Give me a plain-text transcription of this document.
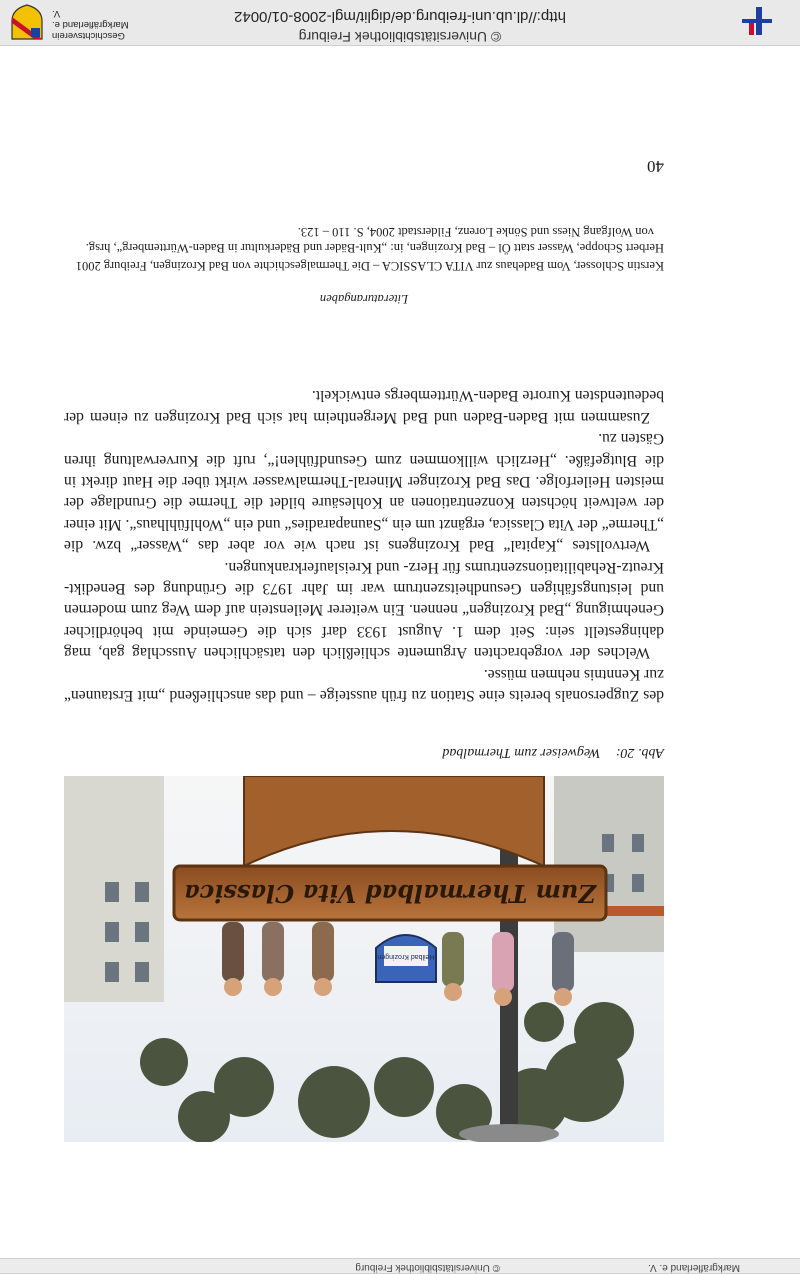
Markgräflerland e. V.
© Universitätsbibliothek Freiburg
Heilbad Krozingen
Zum Thermalbad Vita Classica
Abb. 20: Wegweiser zum Thermalbad

des Zugpersonals bereits eine Station zu früh aussteige – und das anschließend „mit Erstaunen“ zur Kenntnis nehmen müsse.

Welches der vorgebrachten Argumente schließlich den tatsächlichen Ausschlag gab, mag dahingestellt sein: Seit dem 1. August 1933 darf sich die Gemeinde mit behördlicher Genehmigung „Bad Krozingen“ nennen. Ein weiterer Meilenstein auf dem Weg zum modernen und leistungsfähigen Gesundheitszentrum war im Jahr 1973 die Gründung des Benedikt-Kreutz-Rehabilitationszentrums für Herz- und Kreislauferkrankungen.

Wertvollstes „Kapital“ Bad Krozingens ist nach wie vor aber das „Wasser“ bzw. die „Therme“ der Vita Classica, ergänzt um ein „Saunaparadies“ und ein „Wohlfühlhaus“. Mit einer der weltweit höchsten Konzentrationen an Kohlesäure bildet die Therme die Grundlage der meisten Heilerfolge. Das Bad Krozinger Mineral-Thermalwasser wirkt über die Haut direkt in die Blutgefäße. „Herzlich willkommen zum Gesundfühlen!“, ruft die Kurverwaltung ihren Gästen zu.

Zusammen mit Baden-Baden und Bad Mergentheim hat sich Bad Krozingen zu einem der bedeutendsten Kurorte Baden-Württembergs entwickelt.

Literaturangaben

Kerstin Schlosser, Vom Badehaus zur VITA CLASSICA – Die Thermalgeschichte von Bad Krozingen, Freiburg 2001

Herbert Schoppe, Wasser statt Öl – Bad Krozingen, in: „Kult-Bäder und Bäderkultur in Baden-Württemberg“, hrsg. von Wolfgang Niess und Sönke Lorenz, Filderstadt 2004, S. 110 – 123.

40
© Universitätsbibliothek Freiburg
http://dl.ub.uni-freiburg.de/diglit/mgl-2008-01/0042
Geschichtsverein
Markgräflerland e. V.
